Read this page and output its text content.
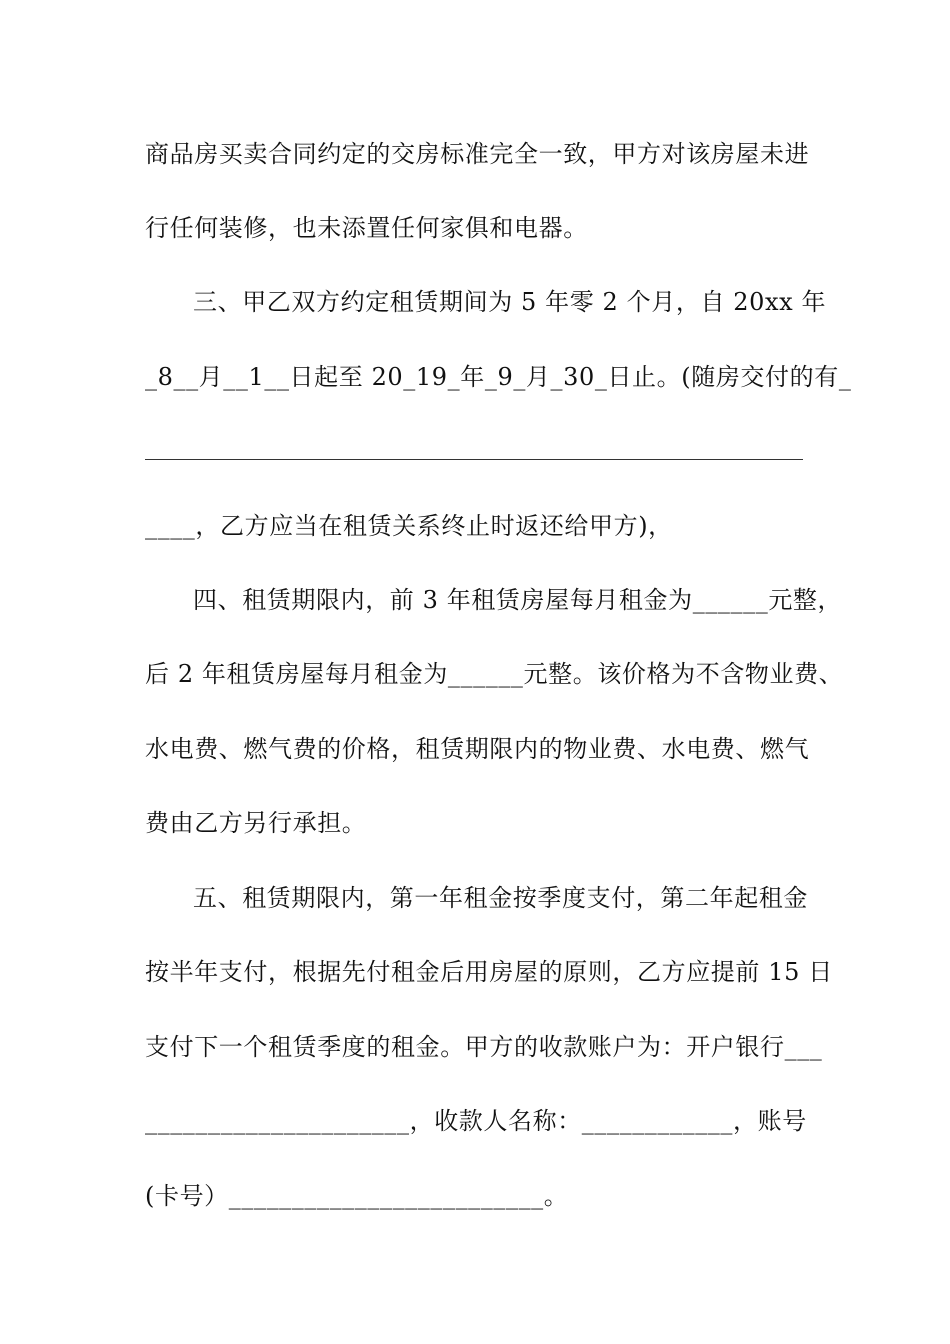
商品房买卖合同约定的交房标准完全一致，甲方对该房屋未进
行任何装修，也未添置任何家俱和电器。
三、甲乙双方约定租赁期间为 5 年零 2 个月，自 20xx 年
_8__月__1__日起至 20_19_年_9_月_30_日止。(随房交付的有_
____，乙方应当在租赁关系终止时返还给甲方)，
四、租赁期限内，前 3 年租赁房屋每月租金为______元整，
后 2 年租赁房屋每月租金为______元整。该价格为不含物业费、
水电费、燃气费的价格，租赁期限内的物业费、水电费、燃气
费由乙方另行承担。
五、租赁期限内，第一年租金按季度支付，第二年起租金
按半年支付，根据先付租金后用房屋的原则，乙方应提前 15 日
支付下一个租赁季度的租金。甲方的收款账户为：开户银行___
_____________________，收款人名称：____________，账号
(卡号）_________________________。
